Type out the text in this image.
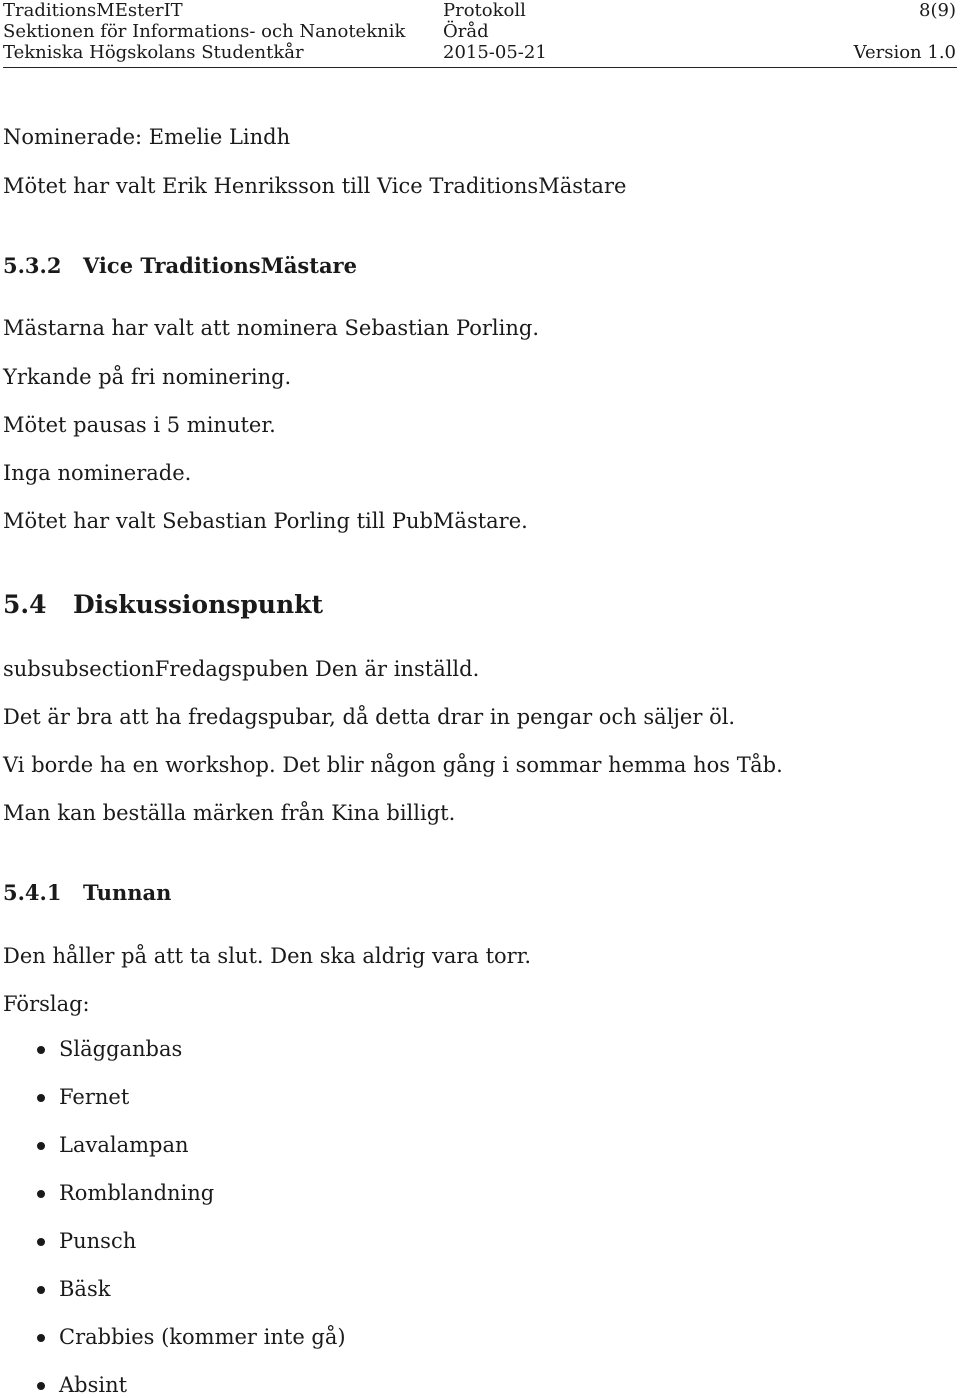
TraditionsMEsterIT	Protokoll	8(9)
Sektionen för Informations- och Nanoteknik Öråd
Tekniska Högskolans Studentkår	2015-05-21	Version 1.0
Nominerade: Emelie Lindh
Mötet har valt Erik Henriksson till Vice TraditionsMästare
5.3.2 Vice TraditionsMästare
Mästarna har valt att nominera Sebastian Porling.
Yrkande på fri nominering.
Mötet pausas i 5 minuter.
Inga nominerade.
Mötet har valt Sebastian Porling till PubMästare.
5.4 Diskussionspunkt
subsubsectionFredagspuben Den är inställd.
Det är bra att ha fredagspubar, då detta drar in pengar och säljer öl.
Vi borde ha en workshop. Det blir någon gång i sommar hemma hos Tåb.
Man kan beställa märken från Kina billigt.
5.4.1 Tunnan
Den håller på att ta slut. Den ska aldrig vara torr.
Förslag:
Slägganbas
Fernet
Lavalampan
Romblandning
Punsch
Bäsk
Crabbies (kommer inte gå)
Absint
